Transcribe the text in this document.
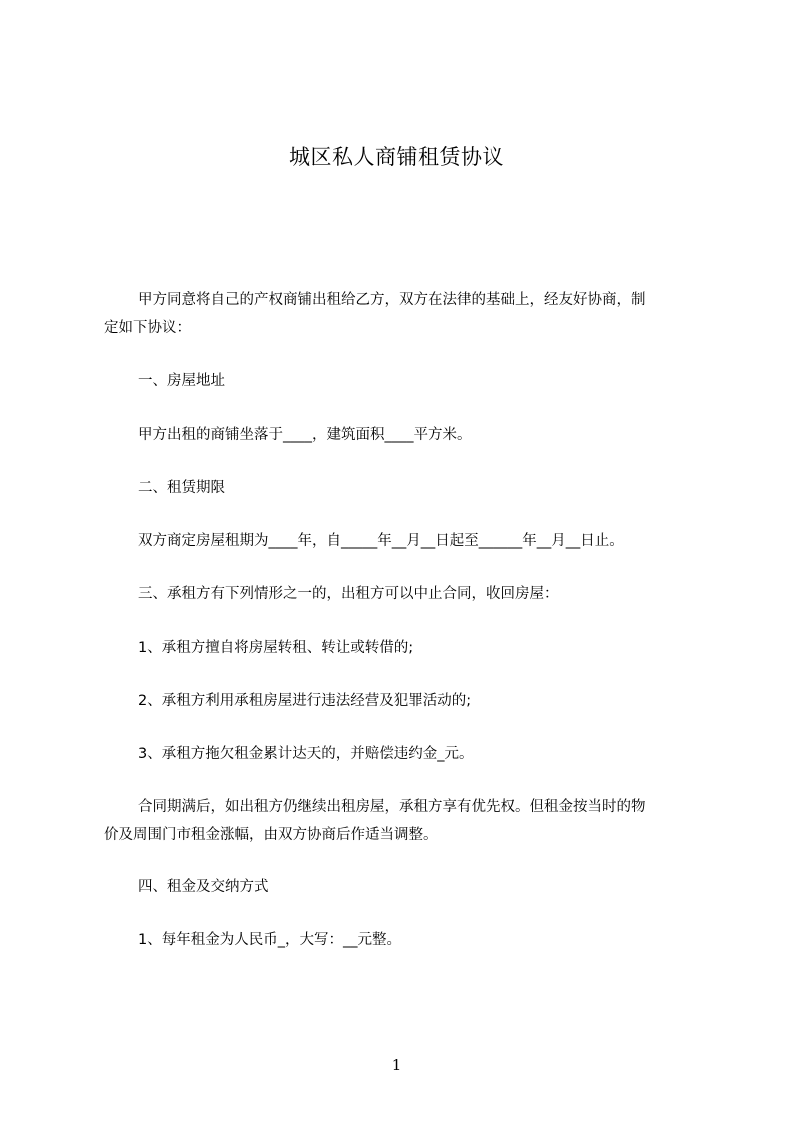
城区私人商铺租赁协议

甲方同意将自己的产权商铺出租给乙方，双方在法律的基础上，经友好协商，制
定如下协议：

一、房屋地址

甲方出租的商铺坐落于____，建筑面积____平方米。

二、租赁期限

双方商定房屋租期为____年，自_____年__月__日起至______年__月__日止。

三、承租方有下列情形之一的，出租方可以中止合同，收回房屋：

1、承租方擅自将房屋转租、转让或转借的;

2、承租方利用承租房屋进行违法经营及犯罪活动的;

3、承租方拖欠租金累计达天的，并赔偿违约金_元。

合同期满后，如出租方仍继续出租房屋，承租方享有优先权。但租金按当时的物
价及周围门市租金涨幅，由双方协商后作适当调整。

四、租金及交纳方式

1、每年租金为人民币_，大写：__元整。

1
